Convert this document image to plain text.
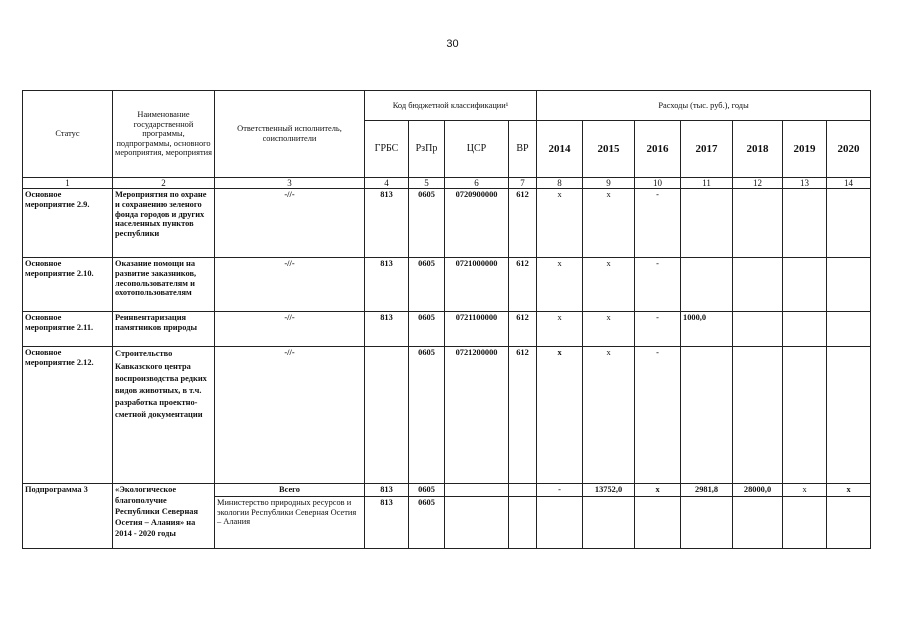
30
Статус	Наименование государственной программы, подпрограммы, основного мероприятия, мероприятия	Ответственный исполнитель, соисполнители	Код бюджетной классификации¹				Расходы (тыс. руб.), годы						
			ГРБС	РзПр	ЦСР	ВР	2014	2015	2016	2017	2018	2019	2020
1	2	3	4	5	6	7	8	9	10	11	12	13	14
Основное мероприятие 2.9.	Мероприятия по охране и сохранению зеленого фонда городов и других населенных пунктов республики	-//-	813	0605	0720900000	612	х	х	-				
Основное мероприятие 2.10.	Оказание помощи на развитие заказников, лесопользователям и охотопользователям	-//-	813	0605	0721000000	612	х	х	-				
Основное мероприятие 2.11.	Реинвентаризация памятников природы	-//-	813	0605	0721100000	612	х	х	-	1000,0			
Основное мероприятие 2.12.	Строительство Кавказского центра воспроизводства редких видов животных, в т.ч. разработка проектно-сметной документации	-//-		0605	0721200000	612	х	х	-				
Подпрограмма 3	«Экологическое благополучие Республики Северная Осетия – Алания» на 2014 - 2020 годы	Всего	813	0605			-	13752,0	х	2981,8	28000,0	х	х
		Министерство природных ресурсов и экологии Республики Северная Осетия – Алания	813	0605									
